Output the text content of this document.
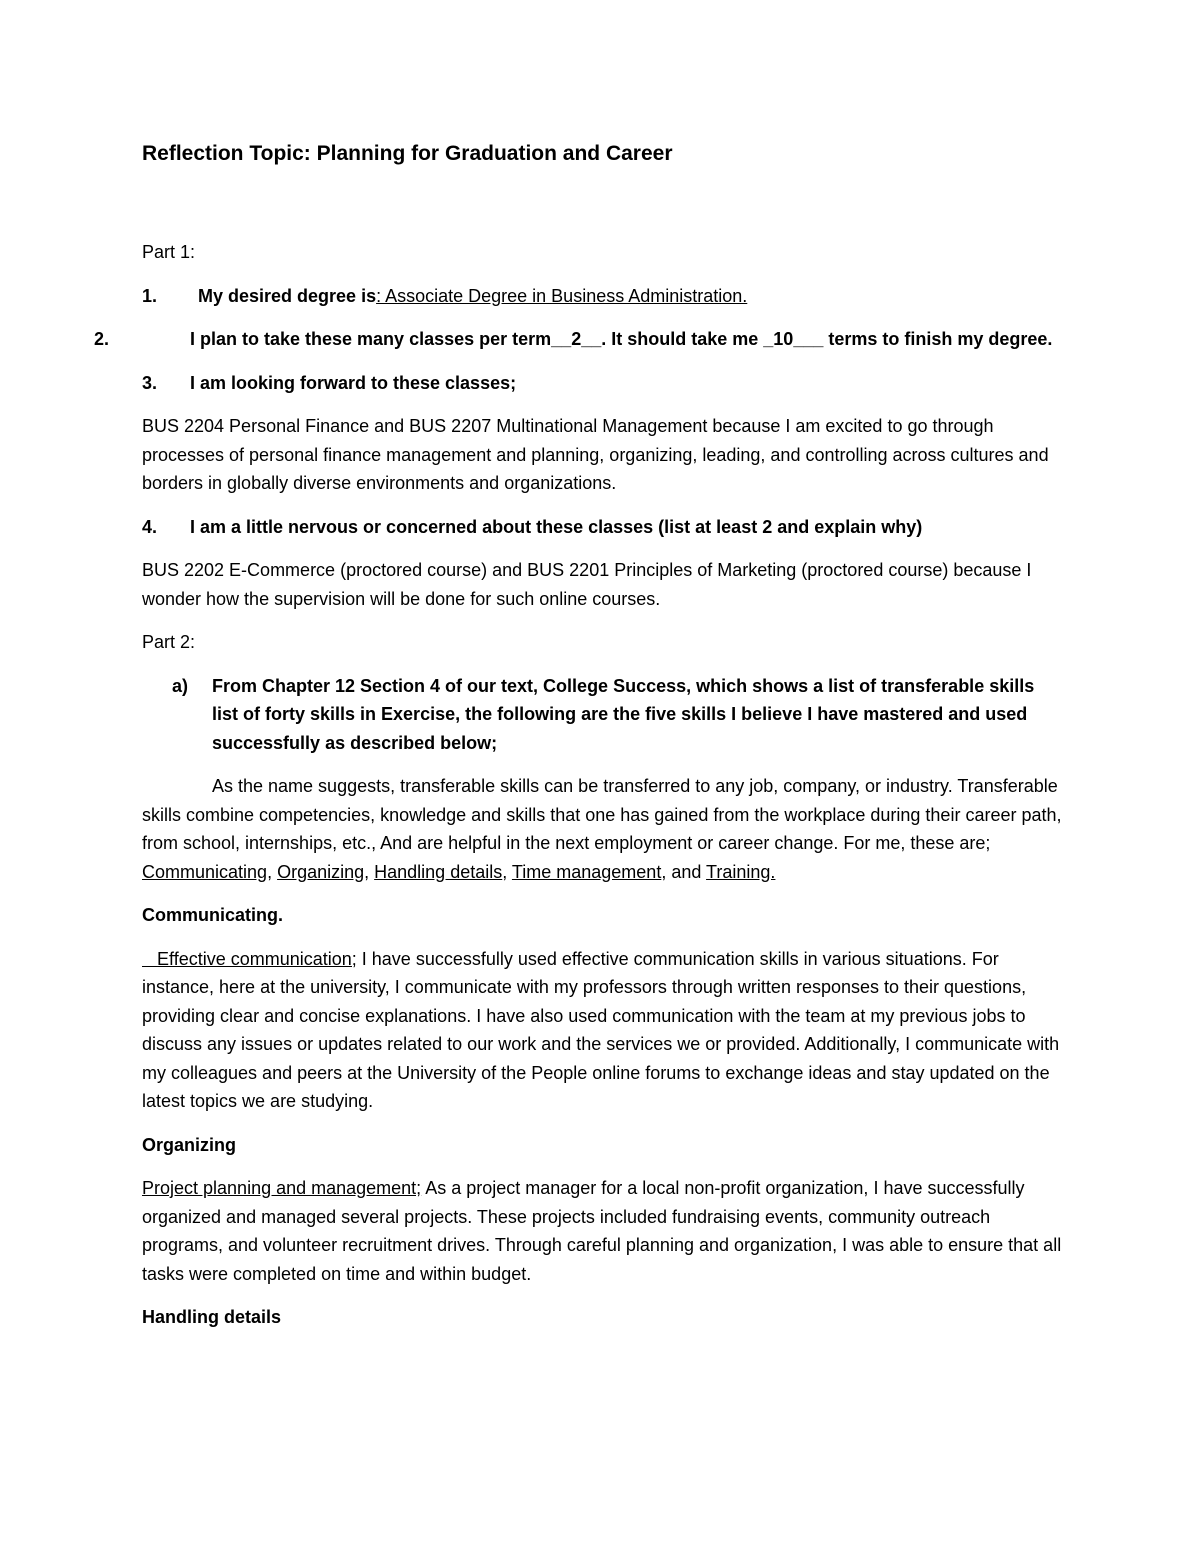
Reflection Topic: Planning for Graduation and Career

Part 1:

1. My desired degree is: Associate Degree in Business Administration.

2.	I plan to take these many classes per term__2__. It should take me _10___ terms to finish my degree.

3. I am looking forward to these classes;

BUS 2204 Personal Finance and BUS 2207 Multinational Management because I am excited to go through processes of personal finance management and planning, organizing, leading, and controlling across cultures and borders in globally diverse environments and organizations.

4. I am a little nervous or concerned about these classes (list at least 2 and explain why)

BUS 2202 E-Commerce (proctored course) and BUS 2201 Principles of Marketing (proctored course) because I wonder how the supervision will be done for such online courses.

Part 2:

a) From Chapter 12 Section 4 of our text, College Success, which shows a list of transferable skills list of forty skills in Exercise, the following are the five skills I believe I have mastered and used successfully as described below;

As the name suggests, transferable skills can be transferred to any job, company, or industry. Transferable skills combine competencies, knowledge and skills that one has gained from the workplace during their career path, from school, internships, etc., And are helpful in the next employment or career change. For me, these are; Communicating, Organizing, Handling details, Time management, and Training.

Communicating.

Effective communication; I have successfully used effective communication skills in various situations. For instance, here at the university, I communicate with my professors through written responses to their questions, providing clear and concise explanations. I have also used communication with the team at my previous jobs to discuss any issues or updates related to our work and the services we or provided. Additionally, I communicate with my colleagues and peers at the University of the People online forums to exchange ideas and stay updated on the latest topics we are studying.

Organizing

Project planning and management; As a project manager for a local non-profit organization, I have successfully organized and managed several projects. These projects included fundraising events, community outreach programs, and volunteer recruitment drives. Through careful planning and organization, I was able to ensure that all tasks were completed on time and within budget.

Handling details
